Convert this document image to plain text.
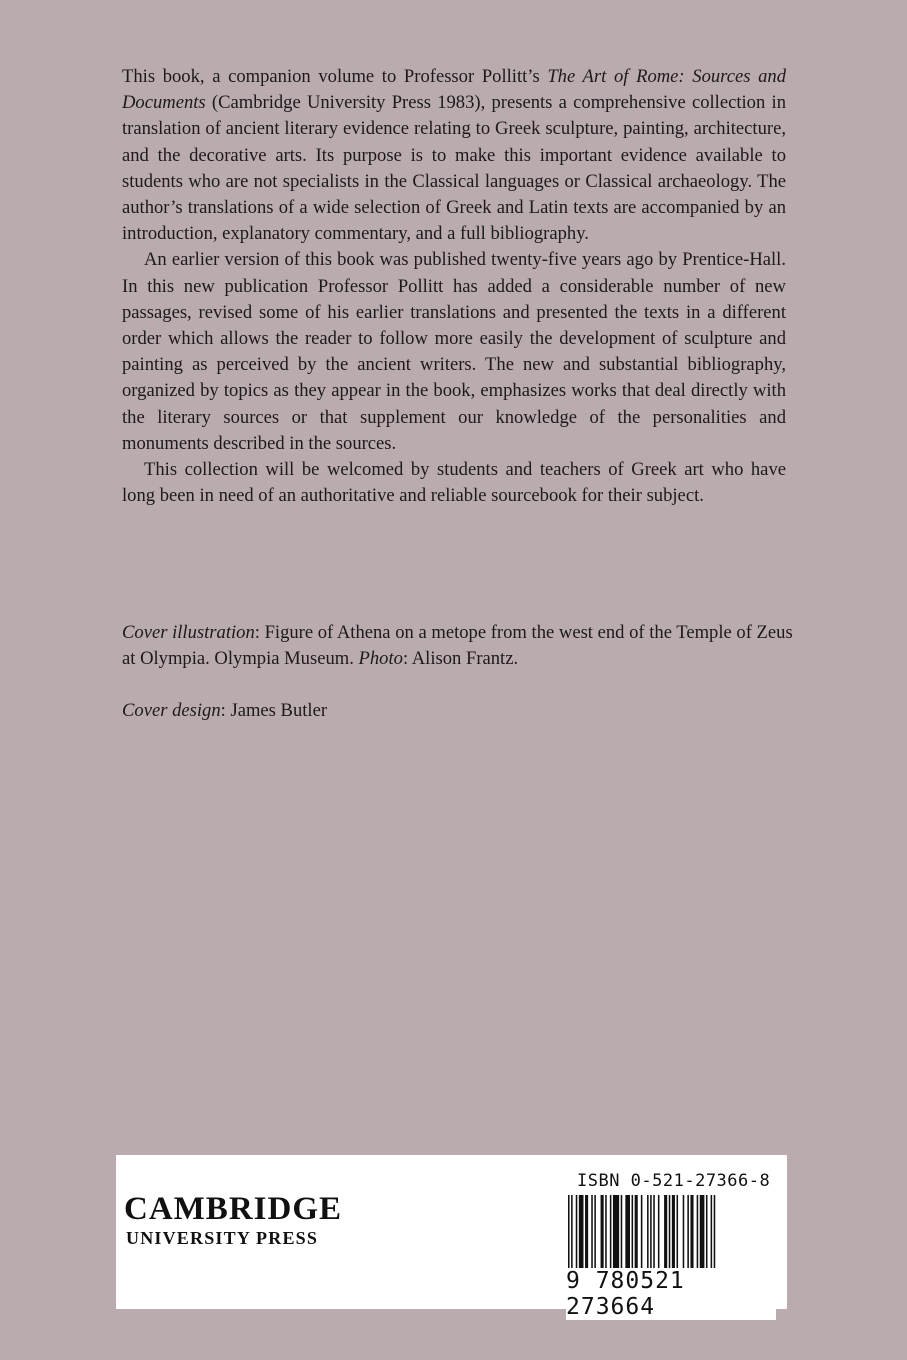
This book, a companion volume to Professor Pollitt’s The Art of Rome: Sources and Documents (Cambridge University Press 1983), presents a comprehensive collection in translation of ancient literary evidence relating to Greek sculpture, painting, architecture, and the decorative arts. Its purpose is to make this important evidence available to students who are not specialists in the Classical languages or Classical archaeology. The author’s translations of a wide selection of Greek and Latin texts are accompanied by an introduction, explanatory commentary, and a full bibliography.

An earlier version of this book was published twenty-five years ago by Prentice-Hall. In this new publication Professor Pollitt has added a considerable number of new passages, revised some of his earlier translations and presented the texts in a different order which allows the reader to follow more easily the development of sculpture and painting as perceived by the ancient writers. The new and substantial bibliography, organized by topics as they appear in the book, emphasizes works that deal directly with the literary sources or that supplement our knowledge of the personalities and monuments described in the sources.

This collection will be welcomed by students and teachers of Greek art who have long been in need of an authoritative and reliable sourcebook for their subject.

Cover illustration: Figure of Athena on a metope from the west end of the Temple of Zeus at Olympia. Olympia Museum. Photo: Alison Frantz.

Cover design: James Butler

CAMBRIDGE
UNIVERSITY PRESS
ISBN 0-521-27366-8
9 780521 273664
